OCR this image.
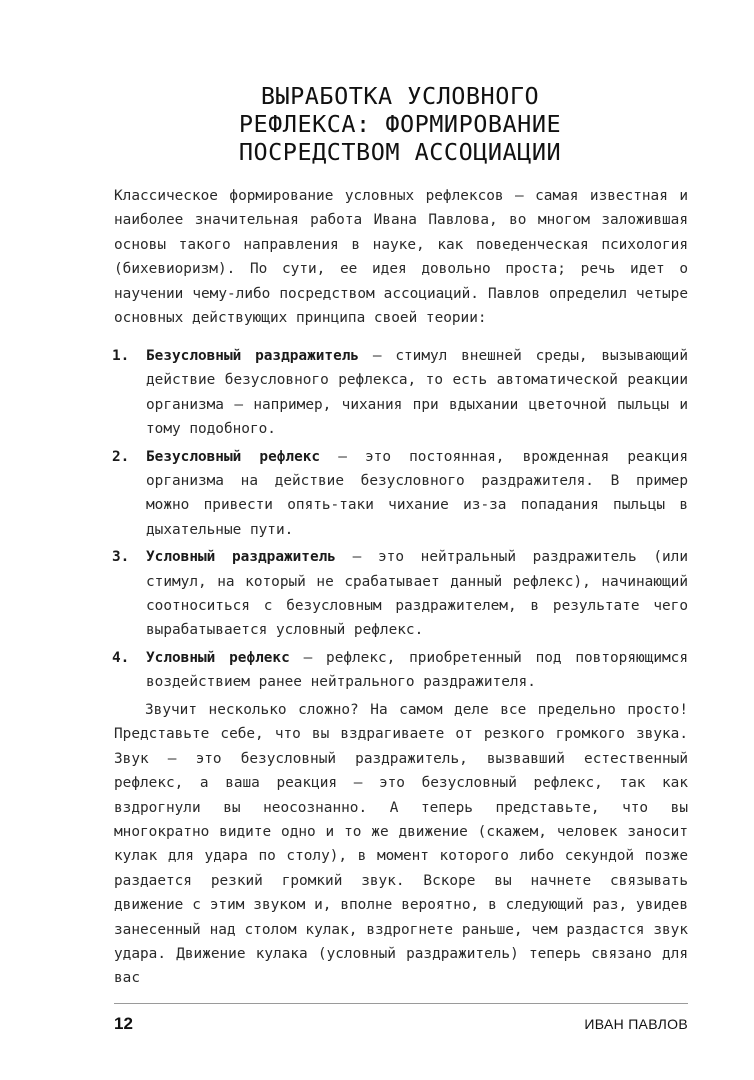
ВЫРАБОТКА УСЛОВНОГО
РЕФЛЕКСА: ФОРМИРОВАНИЕ
ПОСРЕДСТВОМ АССОЦИАЦИИ

Классическое формирование условных рефлексов – самая известная и наиболее значительная работа Ивана Павлова, во многом заложившая основы такого направления в науке, как поведенческая психология (бихевиоризм). По сути, ее идея довольно проста; речь идет о научении чему-либо посредством ассоциаций. Павлов определил четыре основных действующих принципа своей теории:

1. Безусловный раздражитель – стимул внешней среды, вызывающий действие безусловного рефлекса, то есть автоматической реакции организма – например, чихания при вдыхании цветочной пыльцы и тому подобного.
2. Безусловный рефлекс – это постоянная, врожденная реакция организма на действие безусловного раздражителя. В пример можно привести опять-таки чихание из-за попадания пыльцы в дыхательные пути.
3. Условный раздражитель – это нейтральный раздражитель (или стимул, на который не срабатывает данный рефлекс), начинающий соотноситься с безусловным раздражителем, в результате чего вырабатывается условный рефлекс.
4. Условный рефлекс – рефлекс, приобретенный под повторяющимся воздействием ранее нейтрального раздражителя.

Звучит несколько сложно? На самом деле все предельно просто! Представьте себе, что вы вздрагиваете от резкого громкого звука. Звук – это безусловный раздражитель, вызвавший естественный рефлекс, а ваша реакция – это безусловный рефлекс, так как вздрогнули вы неосознанно. А теперь представьте, что вы многократно видите одно и то же движение (скажем, человек заносит кулак для удара по столу), в момент которого либо секундой позже раздается резкий громкий звук. Вскоре вы начнете связывать движение с этим звуком и, вполне вероятно, в следующий раз, увидев занесенный над столом кулак, вздрогнете раньше, чем раздастся звук удара. Движение кулака (условный раздражитель) теперь связано для вас

12	ИВАН ПАВЛОВ
